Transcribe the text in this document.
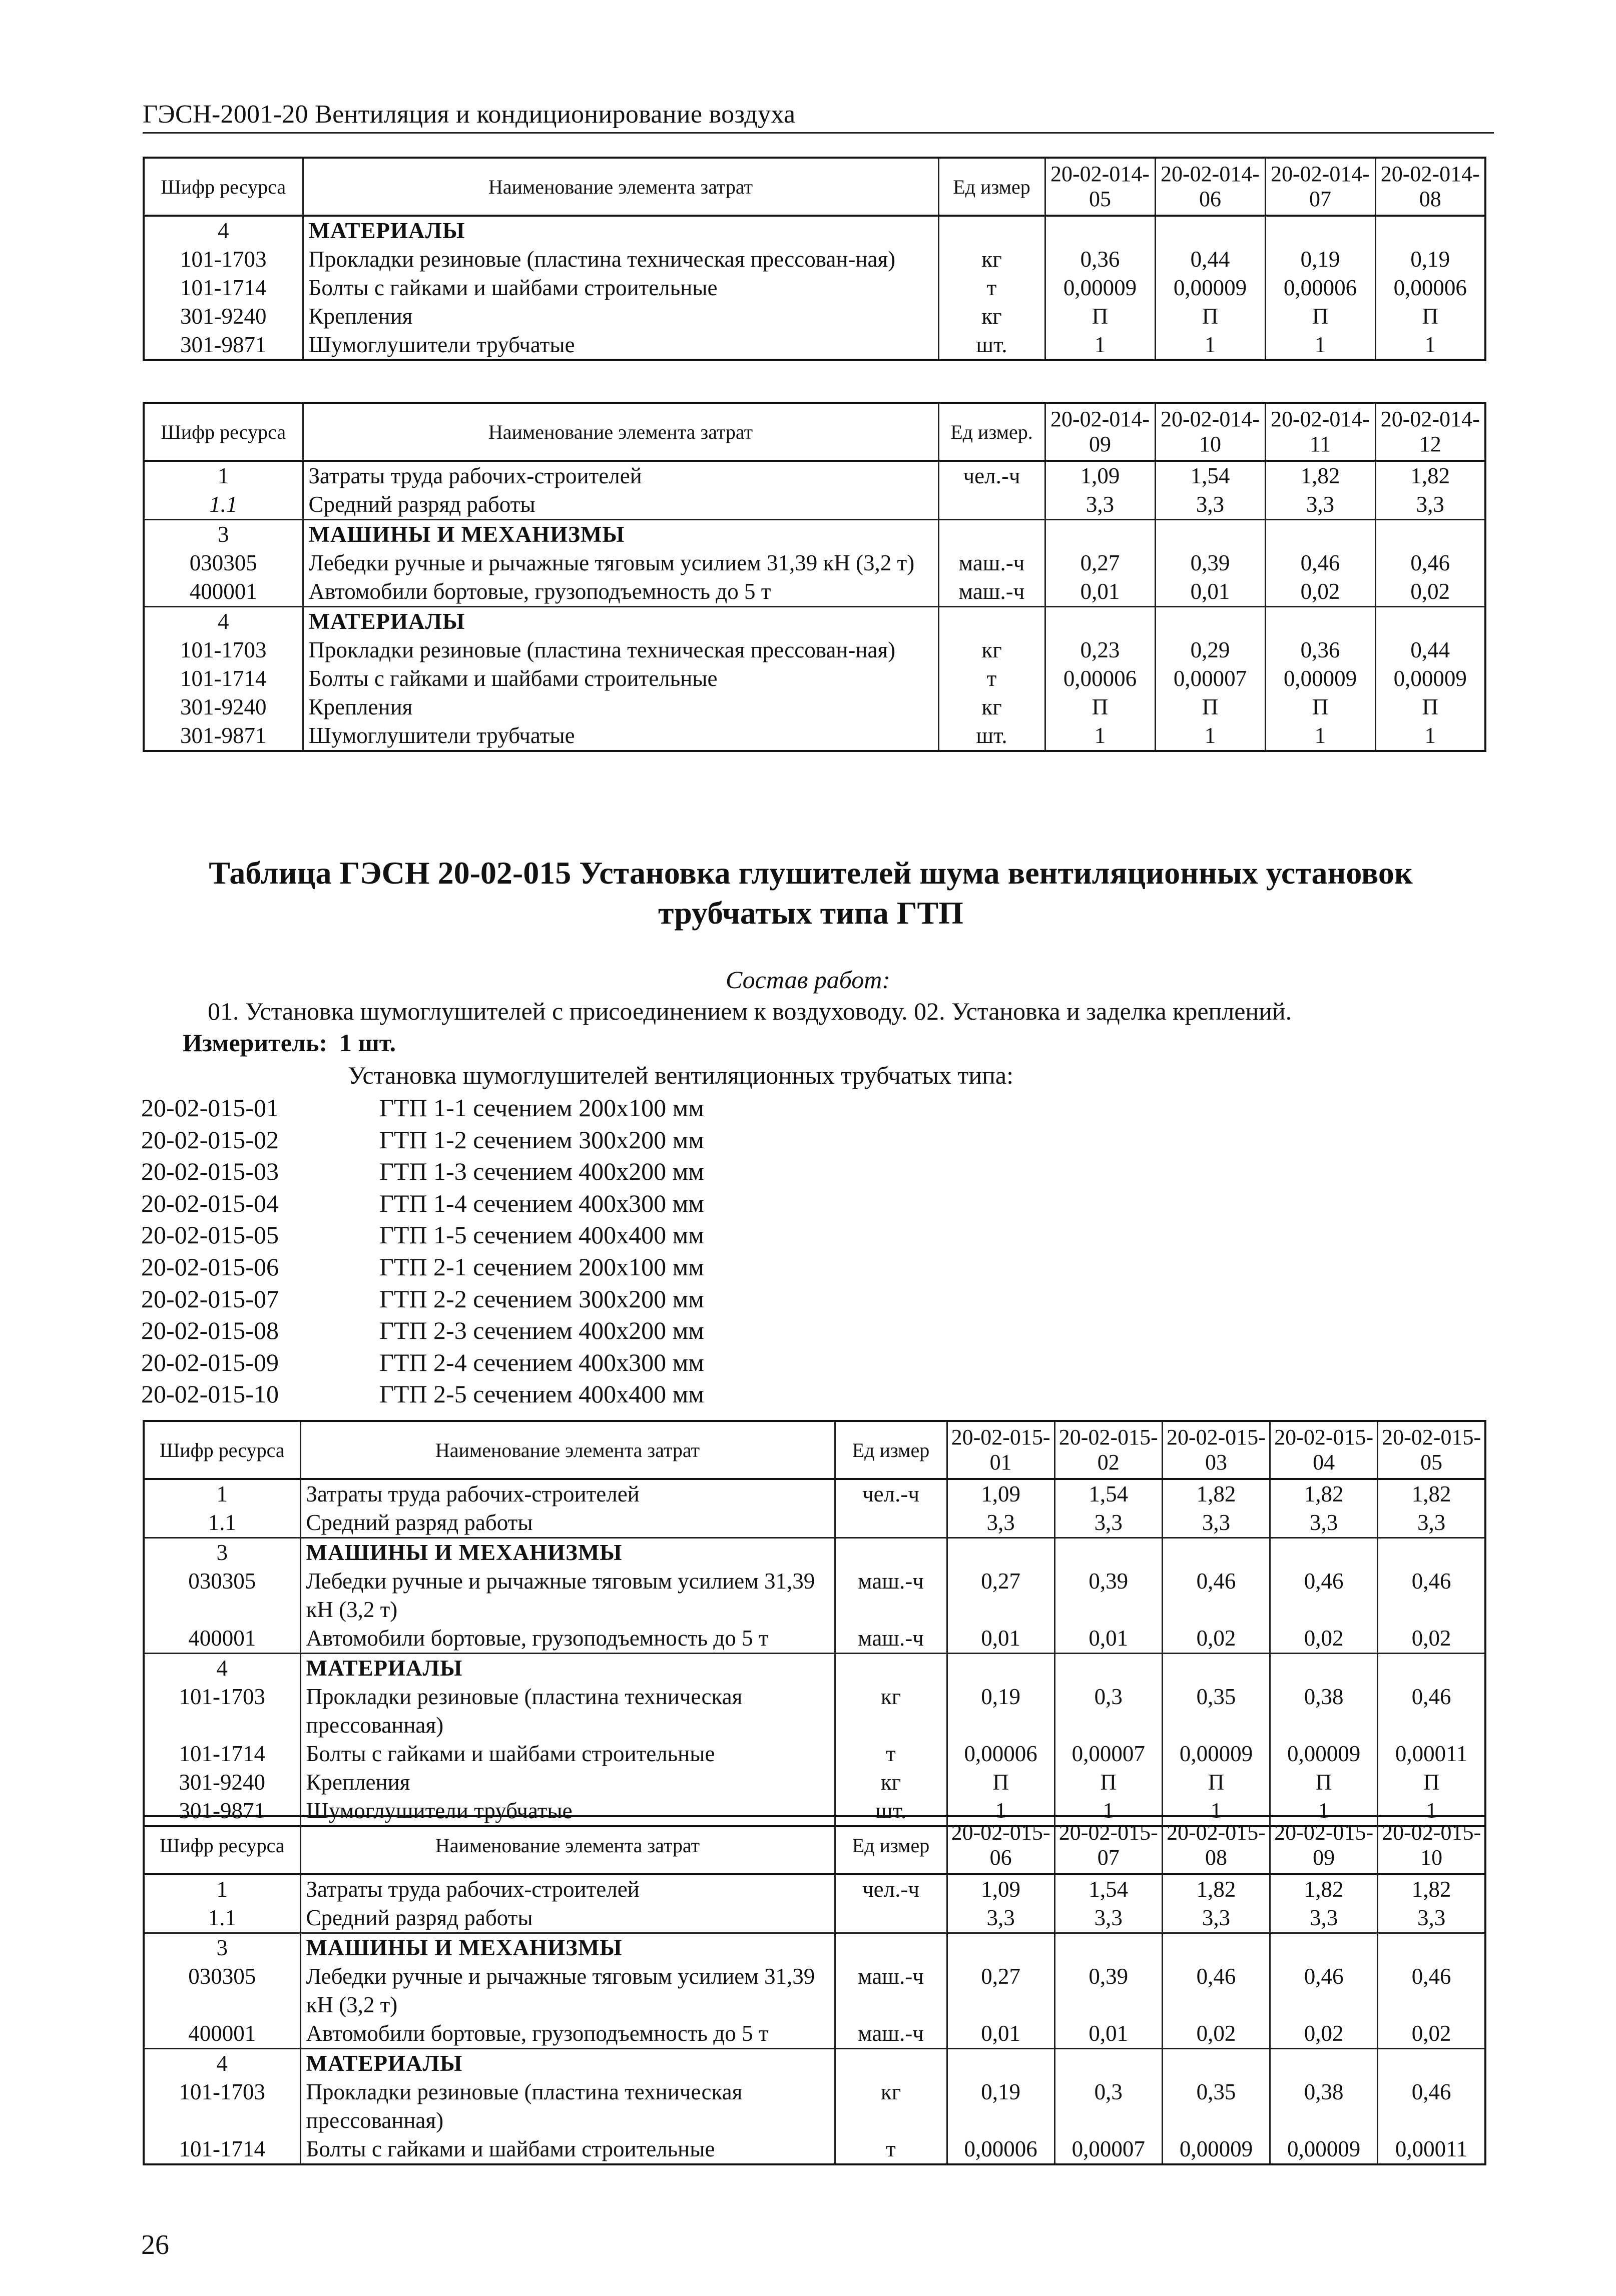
ГЭСН-2001-20 Вентиляция и кондиционирование воздуха
Шифр ресурса	Наименование элемента затрат	Ед измер	20-02-014-05	20-02-014-06	20-02-014-07	20-02-014-08
4	МАТЕРИАЛЫ					
101-1703	Прокладки резиновые (пластина техническая прессован-ная)	кг	0,36	0,44	0,19	0,19
101-1714	Болты с гайками и шайбами строительные	т	0,00009	0,00009	0,00006	0,00006
301-9240	Крепления	кг	П	П	П	П
301-9871	Шумоглушители трубчатые	шт.	1	1	1	1
Шифр ресурса	Наименование элемента затрат	Ед измер.	20-02-014-09	20-02-014-10	20-02-014-11	20-02-014-12
1	Затраты труда рабочих-строителей	чел.-ч	1,09	1,54	1,82	1,82
1.1	Средний разряд работы		3,3	3,3	3,3	3,3
3	МАШИНЫ И МЕХАНИЗМЫ					
030305	Лебедки ручные и рычажные тяговым усилием 31,39 кН (3,2 т)	маш.-ч	0,27	0,39	0,46	0,46
400001	Автомобили бортовые, грузоподъемность до 5 т	маш.-ч	0,01	0,01	0,02	0,02
4	МАТЕРИАЛЫ					
101-1703	Прокладки резиновые (пластина техническая прессован-ная)	кг	0,23	0,29	0,36	0,44
101-1714	Болты с гайками и шайбами строительные	т	0,00006	0,00007	0,00009	0,00009
301-9240	Крепления	кг	П	П	П	П
301-9871	Шумоглушители трубчатые	шт.	1	1	1	1
Таблица ГЭСН 20-02-015 Установка глушителей шума вентиляционных установок
трубчатых типа ГТП
Состав работ:
01. Установка шумоглушителей с присоединением к воздуховоду. 02. Установка и заделка креплений.
Измеритель: 1 шт.
Установка шумоглушителей вентиляционных трубчатых типа:
20-02-015-01	ГТП 1-1 сечением 200х100 мм
20-02-015-02	ГТП 1-2 сечением 300х200 мм
20-02-015-03	ГТП 1-3 сечением 400х200 мм
20-02-015-04	ГТП 1-4 сечением 400х300 мм
20-02-015-05	ГТП 1-5 сечением 400х400 мм
20-02-015-06	ГТП 2-1 сечением 200х100 мм
20-02-015-07	ГТП 2-2 сечением 300х200 мм
20-02-015-08	ГТП 2-3 сечением 400х200 мм
20-02-015-09	ГТП 2-4 сечением 400х300 мм
20-02-015-10	ГТП 2-5 сечением 400х400 мм
Шифр ресурса	Наименование элемента затрат	Ед измер	20-02-015-01	20-02-015-02	20-02-015-03	20-02-015-04	20-02-015-05
1	Затраты труда рабочих-строителей	чел.-ч	1,09	1,54	1,82	1,82	1,82
1.1	Средний разряд работы		3,3	3,3	3,3	3,3	3,3
3	МАШИНЫ И МЕХАНИЗМЫ						
030305	Лебедки ручные и рычажные тяговым усилием 31,39 кН (3,2 т)	маш.-ч	0,27	0,39	0,46	0,46	0,46
400001	Автомобили бортовые, грузоподъемность до 5 т	маш.-ч	0,01	0,01	0,02	0,02	0,02
4	МАТЕРИАЛЫ						
101-1703	Прокладки резиновые (пластина техническая прессованная)	кг	0,19	0,3	0,35	0,38	0,46
101-1714	Болты с гайками и шайбами строительные	т	0,00006	0,00007	0,00009	0,00009	0,00011
301-9240	Крепления	кг	П	П	П	П	П
301-9871	Шумоглушители трубчатые	шт.	1	1	1	1	1
Шифр ресурса	Наименование элемента затрат	Ед измер	20-02-015-06	20-02-015-07	20-02-015-08	20-02-015-09	20-02-015-10
1	Затраты труда рабочих-строителей	чел.-ч	1,09	1,54	1,82	1,82	1,82
1.1	Средний разряд работы		3,3	3,3	3,3	3,3	3,3
3	МАШИНЫ И МЕХАНИЗМЫ						
030305	Лебедки ручные и рычажные тяговым усилием 31,39 кН (3,2 т)	маш.-ч	0,27	0,39	0,46	0,46	0,46
400001	Автомобили бортовые, грузоподъемность до 5 т	маш.-ч	0,01	0,01	0,02	0,02	0,02
4	МАТЕРИАЛЫ						
101-1703	Прокладки резиновые (пластина техническая прессованная)	кг	0,19	0,3	0,35	0,38	0,46
101-1714	Болты с гайками и шайбами строительные	т	0,00006	0,00007	0,00009	0,00009	0,00011
26
